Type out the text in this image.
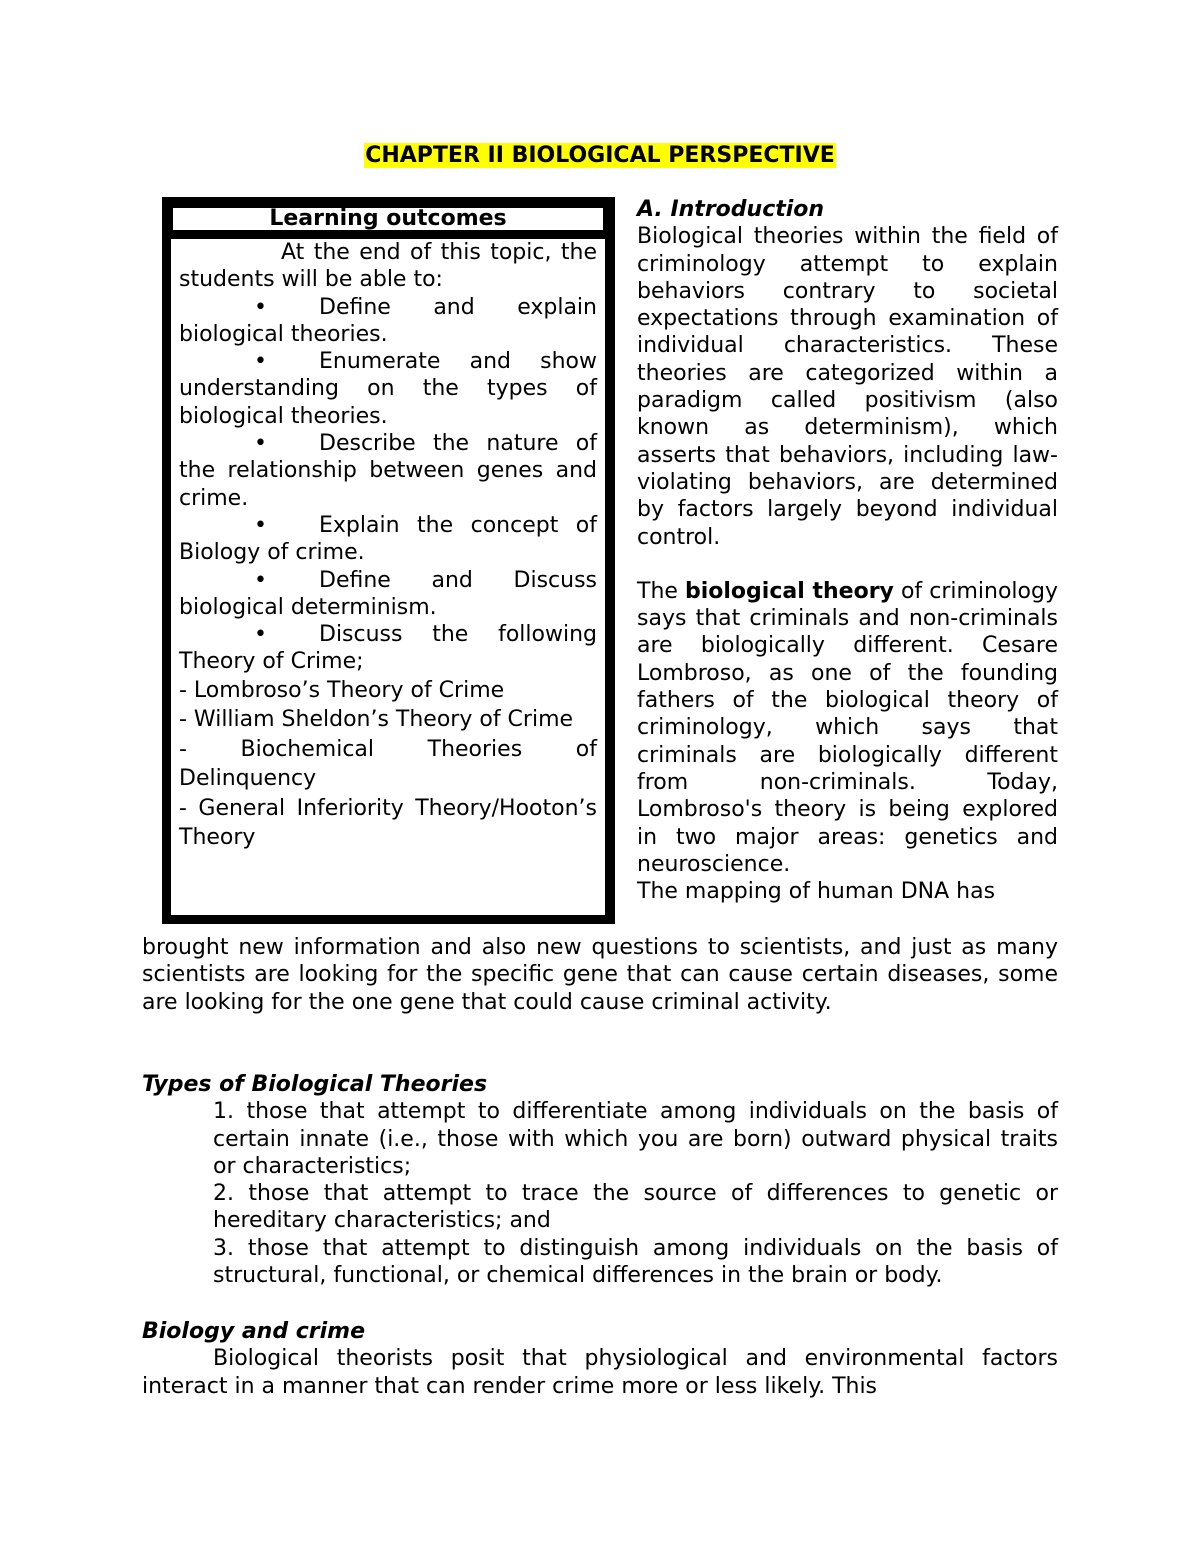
CHAPTER II BIOLOGICAL PERSPECTIVE
Learning outcomes

At the end of this topic, the students will be able to:

• Define and explain biological theories.

• Enumerate and show understanding on the types of biological theories.

• Describe the nature of the relationship between genes and crime.

• Explain the concept of Biology of crime.

• Define and Discuss biological determinism.

• Discuss the following Theory of Crime;

- Lombroso’s Theory of Crime

- William Sheldon’s Theory of Crime

- Biochemical Theories of Delinquency

- General Inferiority Theory/Hooton’s Theory

A. Introduction

Biological theories within the field of criminology attempt to explain behaviors contrary to societal expectations through examination of individual characteristics. These theories are categorized within a paradigm called positivism (also known as determinism), which asserts that behaviors, including law-violating behaviors, are determined by factors largely beyond individual control.

The biological theory of criminology says that criminals and non-criminals are biologically different. Cesare Lombroso, as one of the founding fathers of the biological theory of criminology, which says that criminals are biologically different from non-criminals. Today, Lombroso's theory is being explored in two major areas: genetics and neuroscience.

The mapping of human DNA has

brought new information and also new questions to scientists, and just as many scientists are looking for the specific gene that can cause certain diseases, some are looking for the one gene that could cause criminal activity.

Types of Biological Theories

1. those that attempt to differentiate among individuals on the basis of certain innate (i.e., those with which you are born) outward physical traits or characteristics;

2. those that attempt to trace the source of differences to genetic or hereditary characteristics; and

3. those that attempt to distinguish among individuals on the basis of structural, functional, or chemical differences in the brain or body.

Biology and crime

Biological theorists posit that physiological and environmental factors interact in a manner that can render crime more or less likely. This
